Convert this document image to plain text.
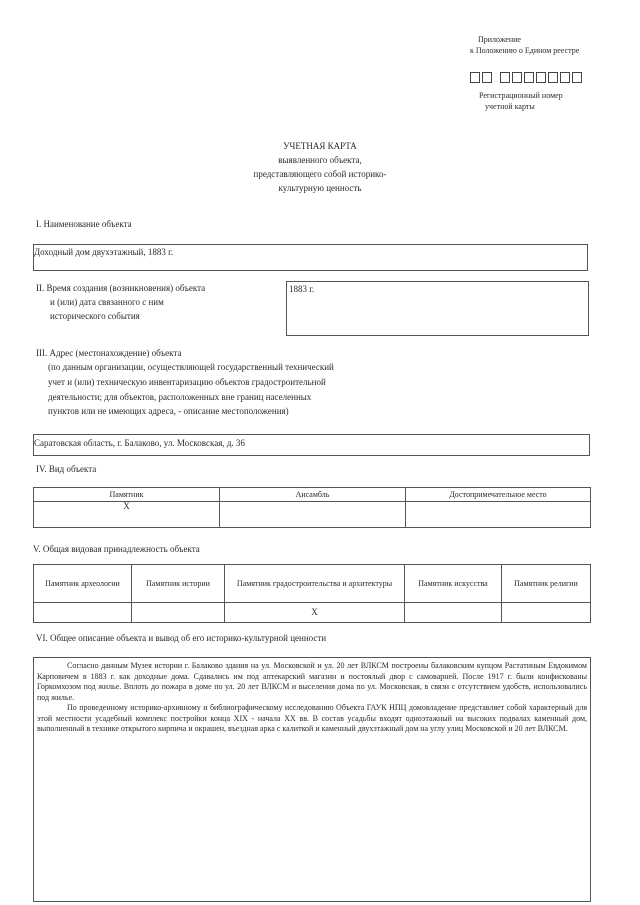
Приложение
к Положению о Едином реестре
Регистрационный номер
учетной карты
УЧЕТНАЯ КАРТА
выявленного объекта,
представляющего собой историко-
культурную ценность
I. Наименование объекта
Доходный дом двухэтажный, 1883 г.
II. Время создания (возникновения) объекта
и (или) дата связанного с ним
исторического события
1883 г.
III. Адрес (местонахождение) объекта
(по данным организации, осуществляющей государственный технический
учет и (или) техническую инвентаризацию объектов градостроительной
деятельности; для объектов, расположенных вне границ населенных
пунктов или не имеющих адреса, - описание местоположения)
Саратовская область, г. Балаково, ул. Московская, д. 36
IV. Вид объекта
Памятник	Ансамбль	Достопримечательное место
Х		
V. Общая видовая принадлежность объекта
Памятник археологии	Памятник истории	Памятник градостроительства и архитектуры	Памятник искусства	Памятник религии
		Х		
VI. Общее описание объекта и вывод об его историко-культурной ценности

Согласно данным Музея истории г. Балаково здания на ул. Московской и ул. 20 лет ВЛКСМ построены балаковским купцом Растатиным Евдокимом Карповичем в 1883 г. как доходные дома. Сдавались им под аптекарский магазин и постоялый двор с самоварней. После 1917 г. были конфискованы Горкомхозом под жилье. Вплоть до пожара в доме по ул. 20 лет ВЛКСМ и выселения дома по ул. Московская, в связи с отсутствием удобств, использовались под жилье.

По проведенному историко-архивному и библиографическому исследованию Объекта ГАУК НПЦ домовладение представляет собой характерный для этой местности усадебный комплекс постройки конца XIX - начала XX вв. В состав усадьбы входят одноэтажный на высоких подвалах каменный дом, выполненный в технике открытого кирпича и окрашен, въездная арка с калиткой и каменный двухэтажный дом на углу улиц Московской и 20 лет ВЛКСМ.
